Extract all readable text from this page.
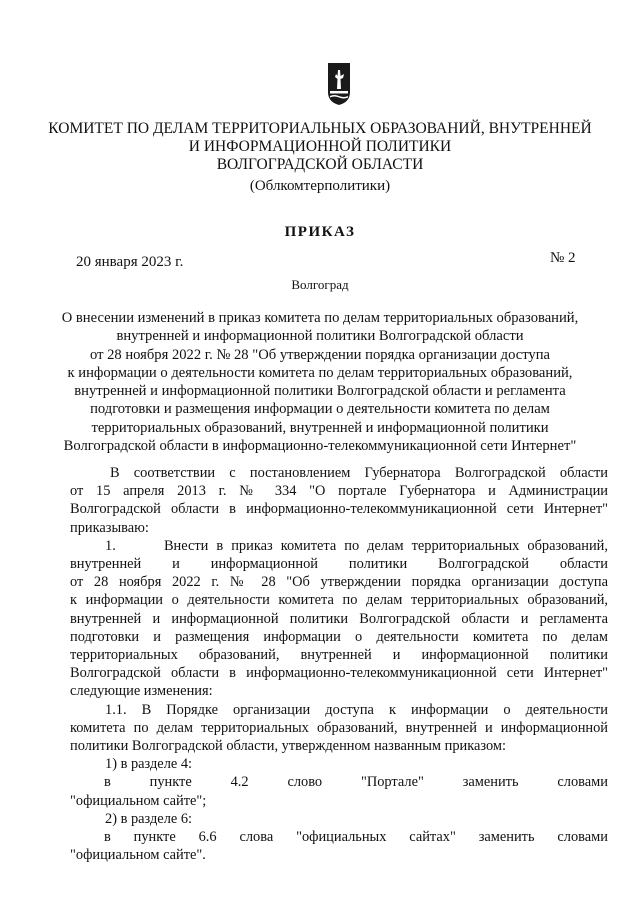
КОМИТЕТ ПО ДЕЛАМ ТЕРРИТОРИАЛЬНЫХ ОБРАЗОВАНИЙ, ВНУТРЕННЕЙ
И ИНФОРМАЦИОННОЙ ПОЛИТИКИ
ВОЛГОГРАДСКОЙ ОБЛАСТИ
(Облкомтерполитики)
ПРИКАЗ
20 января 2023 г.	№ 2
Волгоград
О внесении изменений в приказ комитета по делам территориальных образований,
внутренней и информационной политики Волгоградской области
от 28 ноября 2022 г. № 28 "Об утверждении порядка организации доступа
к информации о деятельности комитета по делам территориальных образований,
внутренней и информационной политики Волгоградской области и регламента
подготовки и размещения информации о деятельности комитета по делам
территориальных образований, внутренней и информационной политики
Волгоградской области в информационно-телекоммуникационной сети Интернет"
В соответствии с постановлением Губернатора Волгоградской области
от 15 апреля 2013 г. № 334 "О портале Губернатора и Администрации
Волгоградской области в информационно-телекоммуникационной сети Интернет"
приказываю:
1.      Внести в приказ комитета по делам территориальных образований,
внутренней и информационной политики Волгоградской области
от 28 ноября 2022 г. № 28 "Об утверждении порядка организации доступа
к информации о деятельности комитета по делам территориальных образований,
внутренней и информационной политики Волгоградской области и регламента
подготовки и размещения информации о деятельности комитета по делам
территориальных образований, внутренней и информационной политики
Волгоградской области в информационно-телекоммуникационной сети Интернет"
следующие изменения:
1.1. В Порядке организации доступа к информации о деятельности
комитета по делам территориальных образований, внутренней и информационной
политики Волгоградской области, утвержденном названным приказом:
1) в разделе 4:
в	пункте	4.2	слово	"Портале"	заменить	словами
"официальном сайте";
2) в разделе 6:
в пункте 6.6 слова "официальных сайтах" заменить словами
"официальном сайте".
